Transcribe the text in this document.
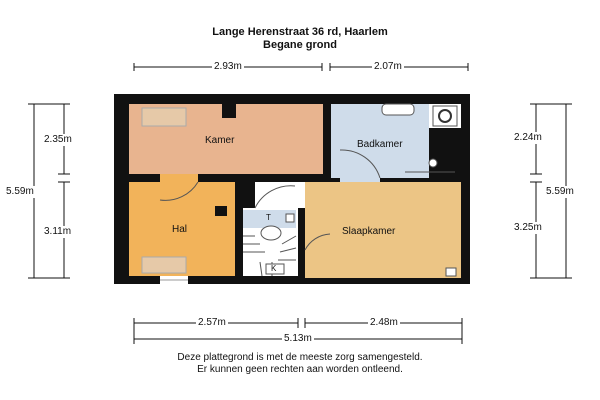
Lange Herenstraat 36 rd, Haarlem
Begane grond
2.93m	2.07m
2.35m
5.59m
3.11m
2.24m
5.59m
3.25m
2.57m	2.48m
5.13m
Kamer	Badkamer
Hal	Slaapkamer
T
K
Deze plattegrond is met de meeste zorg samengesteld.
Er kunnen geen rechten aan worden ontleend.
